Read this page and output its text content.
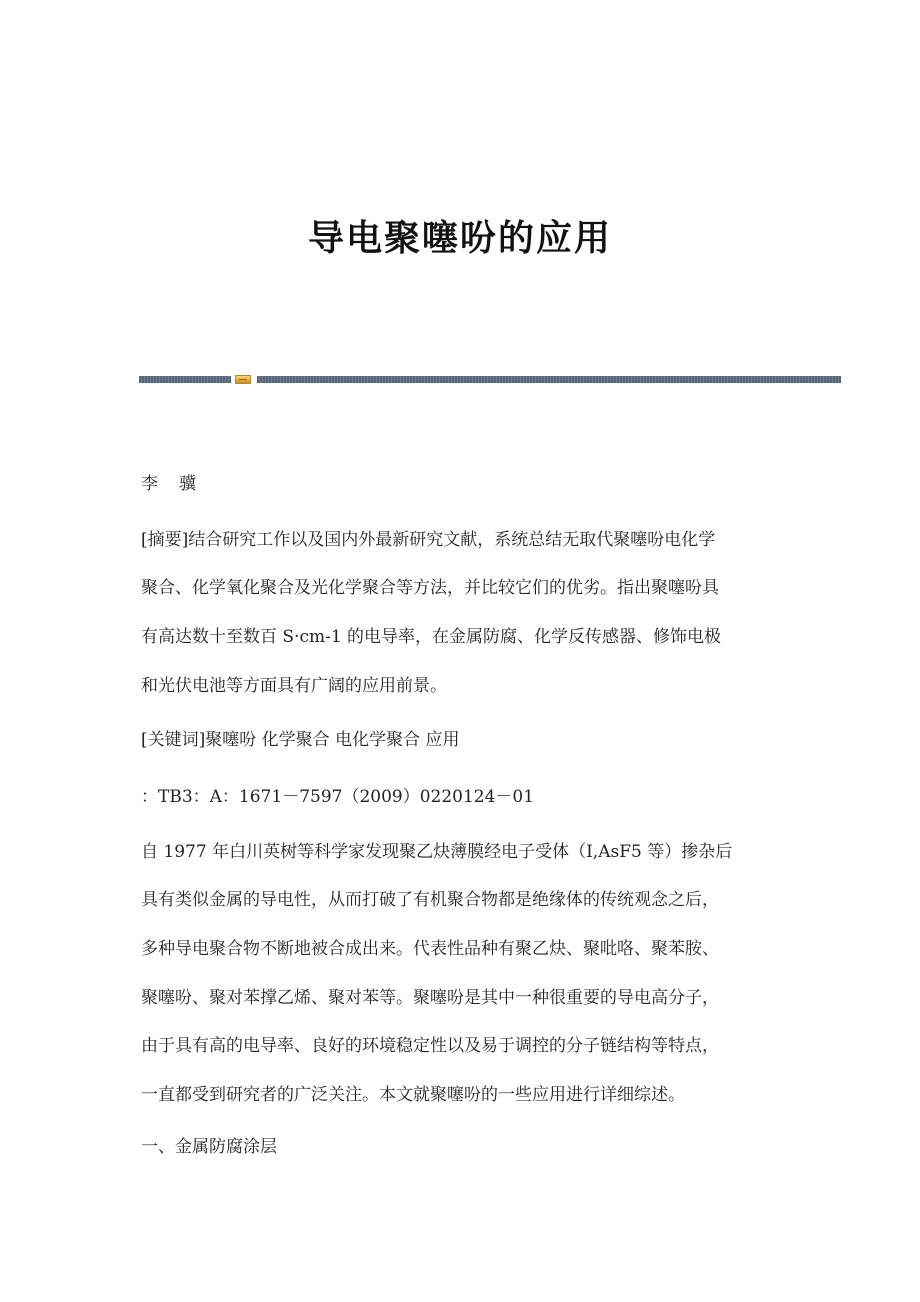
导电聚噻吩的应用

李　骥

[摘要]结合研究工作以及国内外最新研究文献，系统总结无取代聚噻吩电化学

聚合、化学氧化聚合及光化学聚合等方法，并比较它们的优劣。指出聚噻吩具

有高达数十至数百 S·cm-1 的电导率，在金属防腐、化学反传感器、修饰电极

和光伏电池等方面具有广阔的应用前景。

[关键词]聚噻吩 化学聚合 电化学聚合 应用

：TB3：A：1671－7597（2009）0220124－01

自 1977 年白川英树等科学家发现聚乙炔薄膜经电子受体（I,AsF5 等）掺杂后

具有类似金属的导电性，从而打破了有机聚合物都是绝缘体的传统观念之后，

多种导电聚合物不断地被合成出来。代表性品种有聚乙炔、聚吡咯、聚苯胺、

聚噻吩、聚对苯撑乙烯、聚对苯等。聚噻吩是其中一种很重要的导电高分子，

由于具有高的电导率、良好的环境稳定性以及易于调控的分子链结构等特点，

一直都受到研究者的广泛关注。本文就聚噻吩的一些应用进行详细综述。

一、金属防腐涂层
